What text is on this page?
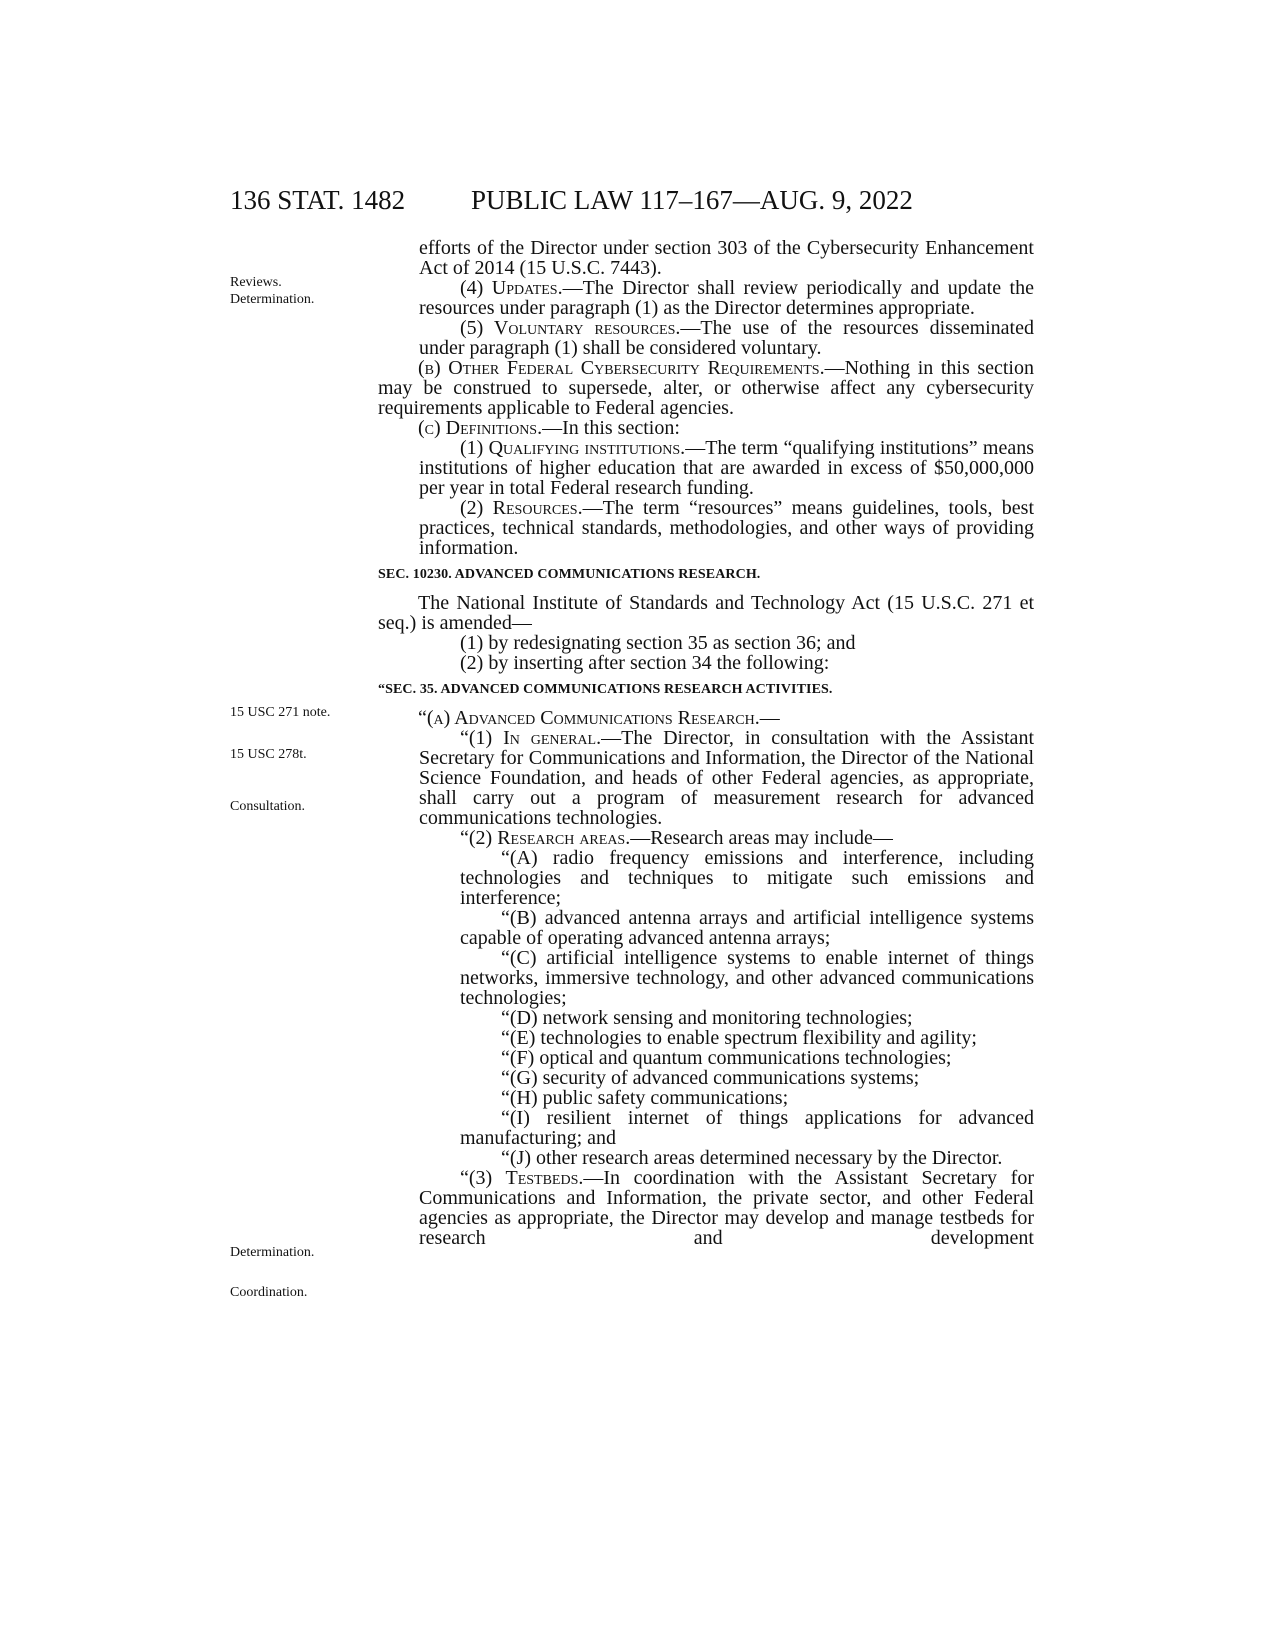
136 STAT. 1482 PUBLIC LAW 117–167—AUG. 9, 2022
Reviews.
Determination.
15 USC 271 note.
15 USC 278t.
Consultation.
Determination.
Coordination.

efforts of the Director under section 303 of the Cybersecurity Enhancement Act of 2014 (15 U.S.C. 7443).

(4) Updates.—The Director shall review periodically and update the resources under paragraph (1) as the Director determines appropriate.

(5) Voluntary resources.—The use of the resources disseminated under paragraph (1) shall be considered voluntary.

(b) Other Federal Cybersecurity Requirements.—Nothing in this section may be construed to supersede, alter, or otherwise affect any cybersecurity requirements applicable to Federal agencies.

(c) Definitions.—In this section:

(1) Qualifying institutions.—The term “qualifying institutions” means institutions of higher education that are awarded in excess of $50,000,000 per year in total Federal research funding.

(2) Resources.—The term “resources” means guidelines, tools, best practices, technical standards, methodologies, and other ways of providing information.

SEC. 10230. ADVANCED COMMUNICATIONS RESEARCH.

The National Institute of Standards and Technology Act (15 U.S.C. 271 et seq.) is amended—

(1) by redesignating section 35 as section 36; and

(2) by inserting after section 34 the following:

“SEC. 35. ADVANCED COMMUNICATIONS RESEARCH ACTIVITIES.

“(a) Advanced Communications Research.—

“(1) In general.—The Director, in consultation with the Assistant Secretary for Communications and Information, the Director of the National Science Foundation, and heads of other Federal agencies, as appropriate, shall carry out a program of measurement research for advanced communications technologies.

“(2) Research areas.—Research areas may include—

“(A) radio frequency emissions and interference, including technologies and techniques to mitigate such emissions and interference;

“(B) advanced antenna arrays and artificial intelligence systems capable of operating advanced antenna arrays;

“(C) artificial intelligence systems to enable internet of things networks, immersive technology, and other advanced communications technologies;

“(D) network sensing and monitoring technologies;

“(E) technologies to enable spectrum flexibility and agility;

“(F) optical and quantum communications technologies;

“(G) security of advanced communications systems;

“(H) public safety communications;

“(I) resilient internet of things applications for advanced manufacturing; and

“(J) other research areas determined necessary by the Director.

“(3) Testbeds.—In coordination with the Assistant Secretary for Communications and Information, the private sector, and other Federal agencies as appropriate, the Director may develop and manage testbeds for research and development
